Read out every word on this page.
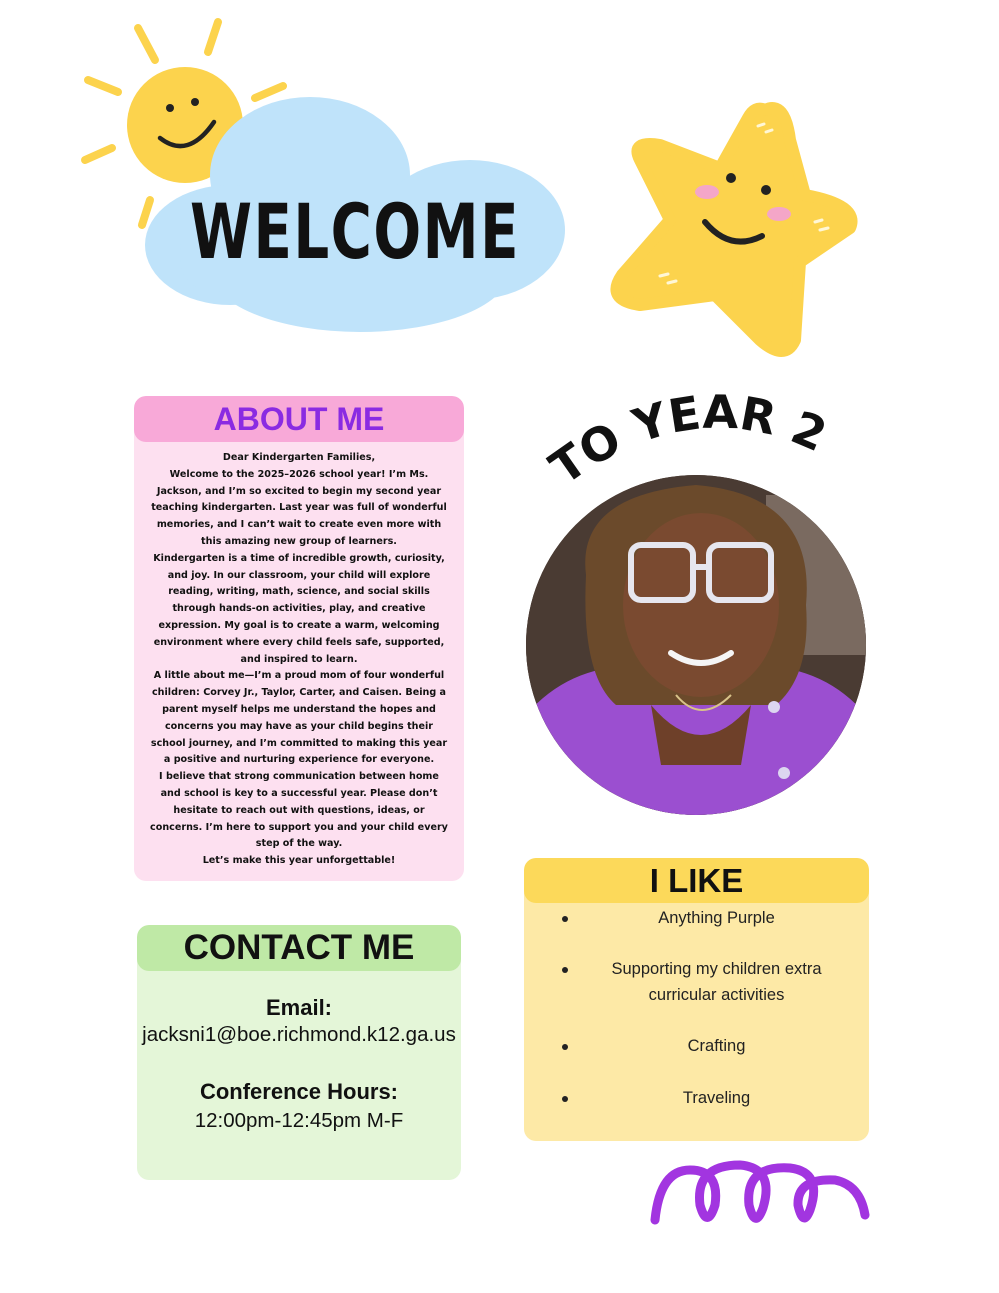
WELCOME
ABOUT ME

Dear Kindergarten Families,

Welcome to the 2025–2026 school year! I’m Ms. Jackson, and I’m so excited to begin my second year teaching kindergarten. Last year was full of wonderful memories, and I can’t wait to create even more with this amazing new group of learners.

Kindergarten is a time of incredible growth, curiosity, and joy. In our classroom, your child will explore reading, writing, math, science, and social skills through hands-on activities, play, and creative expression. My goal is to create a warm, welcoming environment where every child feels safe, supported, and inspired to learn.

A little about me—I’m a proud mom of four wonderful children: Corvey Jr., Taylor, Carter, and Caisen. Being a parent myself helps me understand the hopes and concerns you may have as your child begins their school journey, and I’m committed to making this year a positive and nurturing experience for everyone.

I believe that strong communication between home and school is key to a successful year. Please don’t hesitate to reach out with questions, ideas, or concerns. I’m here to support you and your child every step of the way.

Let’s make this year unforgettable!

CONTACT ME
Email:
jacksni1@boe.richmond.k12.ga.us
Conference Hours:
12:00pm-12:45pm M-F
TO YEAR 2
I LIKE
Anything Purple
Supporting my children extra curricular activities
Crafting
Traveling
